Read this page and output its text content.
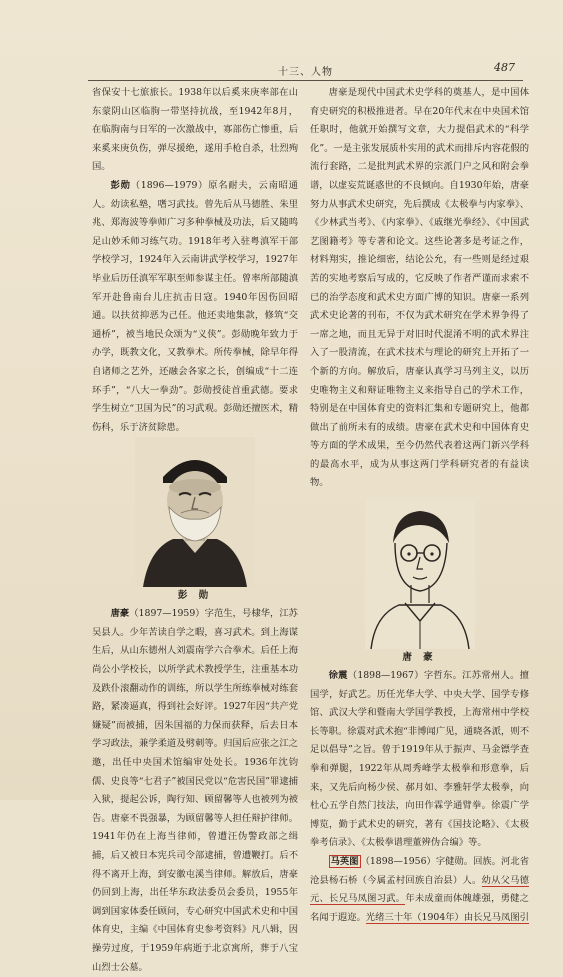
十三、人物	487

省保安十七旅旅长。1938年以后奚来庚率部在山东蒙阴山区临朐一带坚持抗战，至1942年8月，在临朐南与日军的一次激战中，寡部伤亡惨重，后来奚来庚负伤，弹尽援绝，遂用手枪自杀，壮烈殉国。

彭勋（1896—1979）原名耐夫，云南昭通人。幼读私塾，嗜习武技。曾先后从马德胜、朱里兆、郑海波等拳师广习多种拳械及功法，后又随鸣足山妙禾师习练气功。1918年考入驻粤滇军干部学校学习，1924年入云南讲武学校学习，1927年毕业后历任滇军军职至师参谋主任。曾率所部随滇军开赴鲁南台儿庄抗击日寇。1940年因伤回昭通。以扶贫抑恶为己任。他还卖地集款，修筑“交通桥”，被当地民众颂为“义侠”。彭勋晚年致力于办学，既教文化，又教拳术。所传拳械，除早年得自诸师之艺外，还融会各家之长，创编成“十二连环手”，“八大一拳劲”。彭勋授徒首重武德。要求学生树立“卫国为民”的习武观。彭勋还擅医术，精伤科，乐于济贫除患。

彭 勋

唐豪（1897—1959）字范生，号棣华，江苏吴县人。少年苦读自学之暇，喜习武术。到上海谋生后，从山东德州人刘震南学六合拳术。后任上海尚公小学校长，以所学武术教授学生，注重基本功及跌仆滚翻动作的训练，所以学生所练拳械对练套路，紧凑逼真，得到社会好评。1927年因“共产党嫌疑”而被捕，因朱国福的力保而获释，后去日本学习政法，兼学柔道及劈刺等。归国后应张之江之邀，出任中央国术馆编审处处长。1936年沈钧儒、史良等“七君子”被国民党以“危害民国”罪逮捕入狱，提起公诉，陶行知、顾留馨等人也被列为被告。唐豪不畏强暴，为顾留馨等人担任辩护律师。1941年仍在上海当律师，曾遭汪伪警政部之缉捕，后又被日本宪兵司令部逮捕，曾遭鞭打。后不得不离开上海，到安徽屯溪当律师。解放后，唐豪仍回到上海，出任华东政法委员会委员，1955年调到国家体委任顾问，专心研究中国武术史和中国体育史，主编《中国体育史参考资料》凡八辑，因操劳过度，于1959年病逝于北京寓所，葬于八宝山烈士公墓。

唐豪是现代中国武术史学科的奠基人，是中国体育史研究的积极推进者。早在20年代末在中央国术馆任职时，他就开始撰写文章，大力提倡武术的“科学化”。一是主张发展质朴实用的武术而排斥内容花假的流行套路，二是批判武术界的宗派门户之风和附会拳谱，以虚妄荒诞惑世的不良倾向。自1930年始，唐豪努力从事武术史研究，先后撰成《太极拳与内家拳》、《少林武当考》、《内家拳》、《戚继光拳经》、《中国武艺图籍考》等专著和论文。这些论著多是考证之作，材料翔实，推论细密，结论公允，有一些则是经过艰苦的实地考察后写成的，它反映了作者严谨而求索不已的治学态度和武术史方面广博的知识。唐豪一系列武术史论著的刊布，不仅为武术研究在学术界争得了一席之地，而且无异于对旧时代混淆不明的武术界注入了一股清流，在武术技术与理论的研究上开拓了一个新的方向。解放后，唐豪认真学习马列主义，以历史唯物主义和辩证唯物主义来指导自己的学术工作，特别是在中国体育史的资料汇集和专题研究上，他都做出了前所未有的成绩。唐豪在武术史和中国体育史等方面的学术成果，至今仍然代表着这两门新兴学科的最高水平，成为从事这两门学科研究者的有益读物。

唐 豪

徐震（1898—1967）字哲东。江苏常州人。擅国学，好武艺。历任光华大学、中央大学、国学专修馆、武汉大学和暨南大学国学教授，上海常州中学校长等职。徐震对武术抱“非博闻广见，通晓各派，则不足以倡导”之旨。曾于1919年从于振声、马金镖学查拳和弹腿，1922年从周秀峰学太极拳和形意拳，后来，又先后向杨少侯、郝月如、李雅轩学太极拳，向杜心五学自然门技法，向田作霖学通臂拳。徐震广学博览，勤于武术史的研究，著有《国技论略》、《太极拳考信录》、《太极拳谱理董辨伪合编》等。

马英图 （1898—1956）字健勋。回族。河北省沧县杨石桥（今属孟村回族自治县）人。幼从父马德元、长兄马凤图习武。年未成童而体魄雄强，勇健之名闻于遐迩。光绪三十年（1904年）由长兄马凤图引
